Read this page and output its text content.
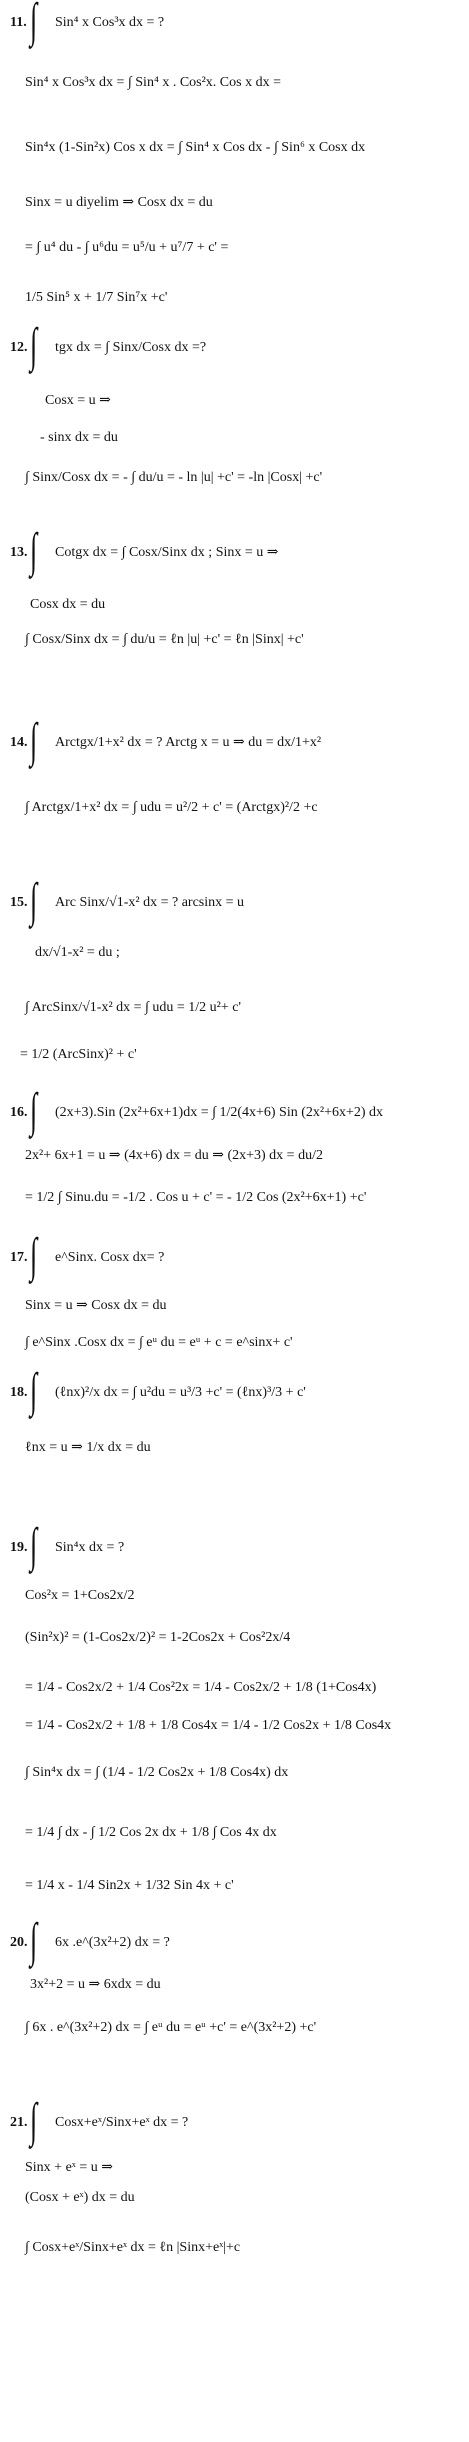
11. ∫ Sin⁴ x Cos³x dx = ?
Sin⁴ x Cos³x dx = ∫ Sin⁴ x . Cos²x. Cos x dx =
Sin⁴x (1-Sin²x) Cos x dx = ∫ Sin⁴ x Cos dx - ∫ Sin⁶ x Cosx dx
Sinx = u diyelim ⇒ Cosx dx = du
= ∫ u⁴ du - ∫ u⁶du = u⁵/u + u⁷/7 + c' =
1/5 Sin⁵ x + 1/7 Sin⁷x +c'
12. ∫ tgx dx = ∫ Sinx/Cosx dx =?
Cosx = u ⇒
- sinx dx = du
∫ Sinx/Cosx dx = - ∫ du/u = - ln |u| +c' = -ln |Cosx| +c'
13. ∫ Cotgx dx = ∫ Cosx/Sinx dx ; Sinx = u ⇒
Cosx dx = du
∫ Cosx/Sinx dx = ∫ du/u = ℓn |u| +c' = ℓn |Sinx| +c'
14. ∫ Arctgx/1+x² dx = ? Arctg x = u ⇒ du = dx/1+x²
∫ Arctgx/1+x² dx = ∫ udu = u²/2 + c' = (Arctgx)²/2 +c
15. ∫ Arc Sinx/√1-x² dx = ? arcsinx = u
dx/√1-x² = du ;
∫ ArcSinx/√1-x² dx = ∫ udu = 1/2 u²+ c'
= 1/2 (ArcSinx)² + c'
16. ∫ (2x+3).Sin (2x²+6x+1)dx = ∫ 1/2(4x+6) Sin (2x²+6x+2) dx
2x²+ 6x+1 = u ⇒ (4x+6) dx = du ⇒ (2x+3) dx = du/2
= 1/2 ∫ Sinu.du = -1/2 . Cos u + c' = - 1/2 Cos (2x²+6x+1) +c'
17. ∫ e^Sinx. Cosx dx= ?
Sinx = u ⇒ Cosx dx = du
∫ e^Sinx .Cosx dx = ∫ eᵘ du = eᵘ + c = e^sinx+ c'
18. ∫ (ℓnx)²/x dx = ∫ u²du = u³/3 +c' = (ℓnx)³/3 + c'
ℓnx = u ⇒ 1/x dx = du
19. ∫ Sin⁴x dx = ?
Cos²x = 1+Cos2x/2
(Sin²x)² = (1-Cos2x/2)² = 1-2Cos2x + Cos²2x/4
= 1/4 - Cos2x/2 + 1/4 Cos²2x = 1/4 - Cos2x/2 + 1/8 (1+Cos4x)
= 1/4 - Cos2x/2 + 1/8 + 1/8 Cos4x = 1/4 - 1/2 Cos2x + 1/8 Cos4x
∫ Sin⁴x dx = ∫ (1/4 - 1/2 Cos2x + 1/8 Cos4x) dx
= 1/4 ∫ dx - ∫ 1/2 Cos 2x dx + 1/8 ∫ Cos 4x dx
= 1/4 x - 1/4 Sin2x + 1/32 Sin 4x + c'
20. ∫ 6x .e^(3x²+2) dx = ?
3x²+2 = u ⇒ 6xdx = du
∫ 6x . e^(3x²+2) dx = ∫ eᵘ du = eᵘ +c' = e^(3x²+2) +c'
21. ∫ Cosx+eˣ/Sinx+eˣ dx = ?
Sinx + eˣ = u ⇒
(Cosx + eˣ) dx = du
∫ Cosx+eˣ/Sinx+eˣ dx = ℓn |Sinx+eˣ|+c
